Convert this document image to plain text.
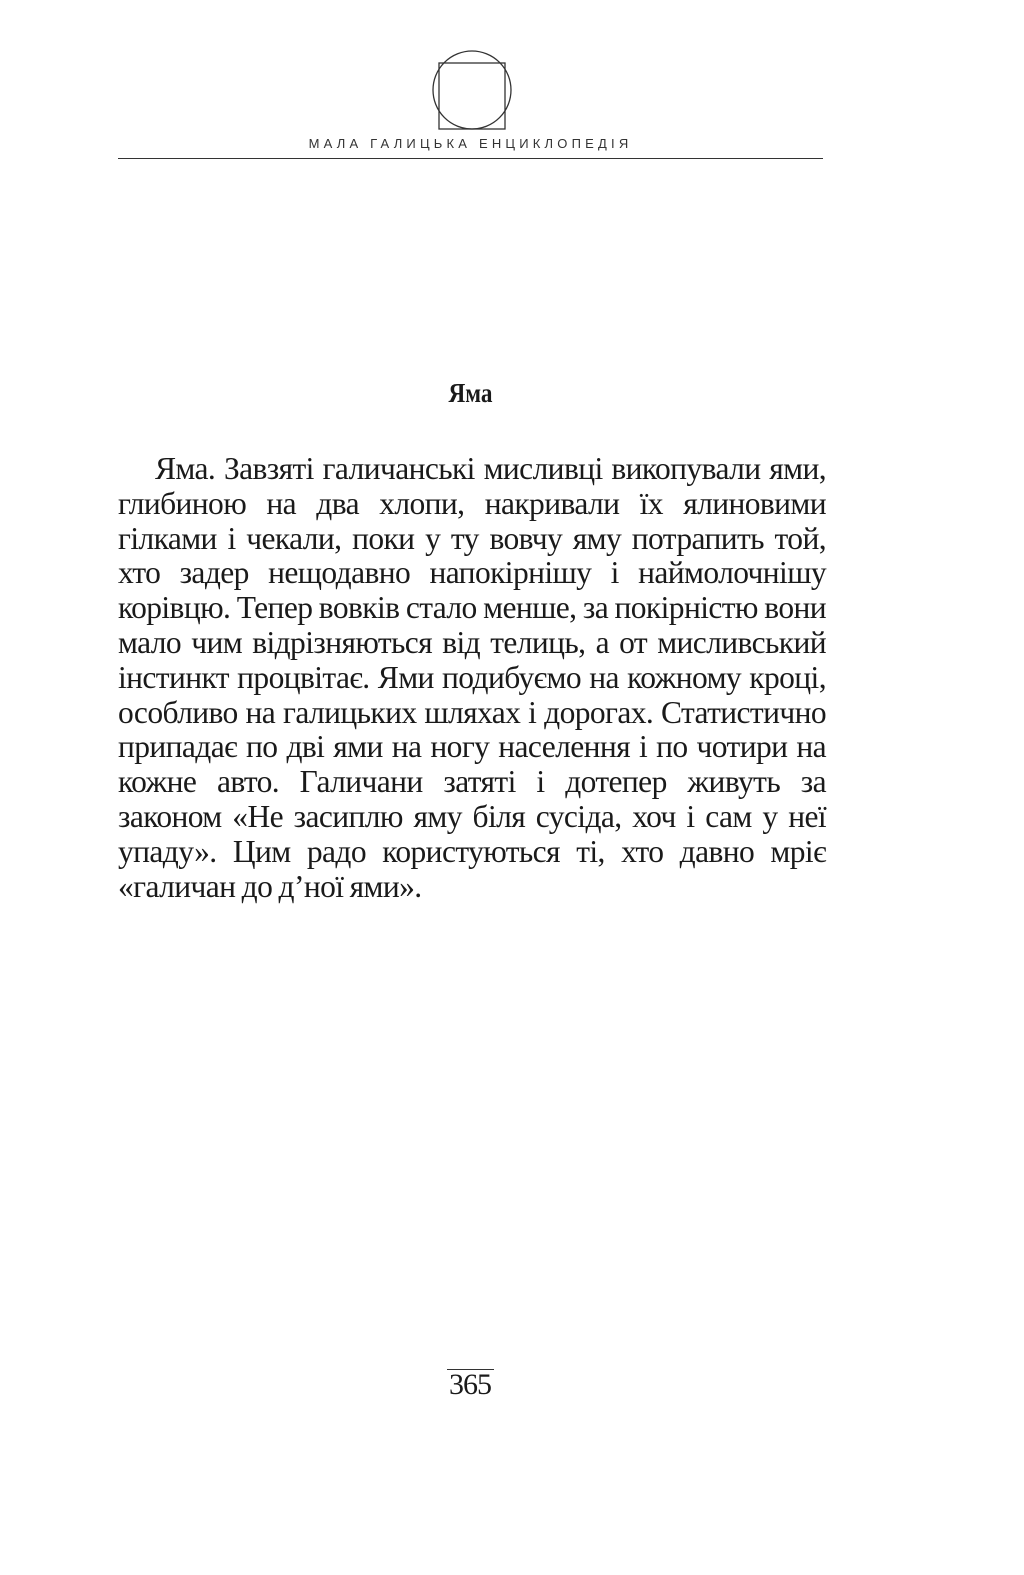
МАЛА ГАЛИЦЬКА ЕНЦИКЛОПЕДІЯ
Яма
Яма. Завзяті галичанські мисливці викопували ями, глибиною на два хлопи, накривали їх ялиновими гілками і чекали, поки у ту вовчу яму потрапить той, хто задер нещодавно напокірнішу і наймолочнішу корівцю. Тепер вовків стало менше, за покірністю вони мало чим відрізняються від телиць, а от мисливський інстинкт процвітає. Ями подибуємо на кожному кроці, особливо на галицьких шляхах і дорогах. Статистично припадає по дві ями на ногу населення і по чотири на кожне авто. Галичани затяті і дотепер живуть за законом «Не засиплю яму біля сусіда, хоч і сам у неї упаду». Цим радо користуються ті, хто давно мріє «галичан до д’ної ями».
365
